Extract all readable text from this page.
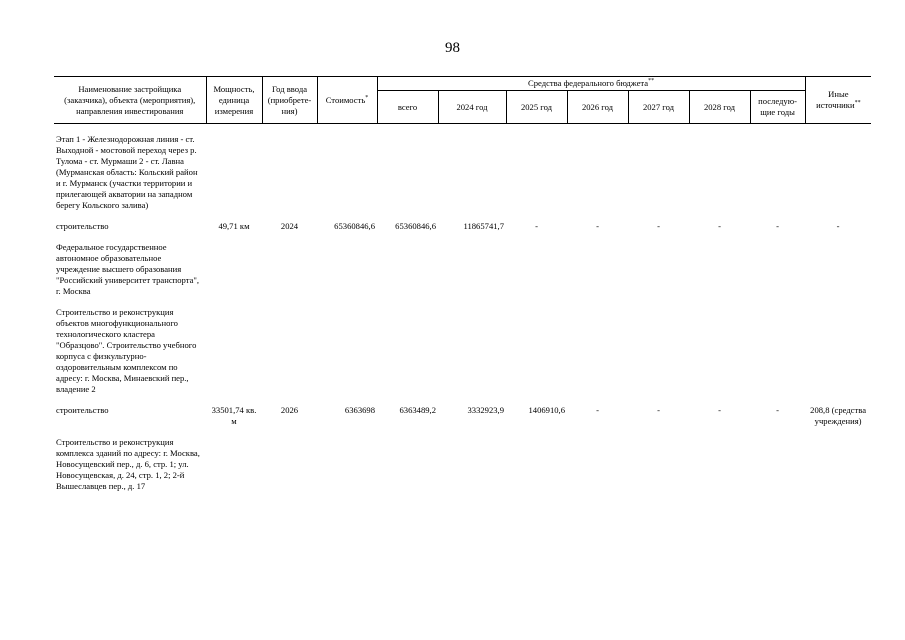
98
Наименование застройщика (заказчика), объекта (мероприятия), направления инвестирования	Мощность, единица измерения	Год ввода (приобрете-ния)	Стоимость*	Средства федерального бюджета**							Иные источники**
				всего	2024 год	2025 год	2026 год	2027 год	2028 год	последую-щие годы	

Этап 1 - Железнодорожная линия - ст. Выходной - мостовой переход через р. Тулома - ст. Мурмаши 2 - ст. Лавна (Мурманская область: Кольский район и г. Мурманск (участки территории и прилегающей акватории на западном берегу Кольского залива)											

строительство	49,71 км	2024	65360846,6	65360846,6	11865741,7	-	-	-	-	-	-

Федеральное государственное автономное образовательное учреждение высшего образования "Российский университет транспорта", г. Москва											

Строительство и реконструкция объектов многофункционального технологического кластера "Образцово". Строительство учебного корпуса с физкультурно-оздоровительным комплексом по адресу: г. Москва, Минаевский пер., владение 2											

строительство	33501,74 кв. м	2026	6363698	6363489,2	3332923,9	1406910,6	-	-	-	-	208,8 (средства учреждения)

Строительство и реконструкция комплекса зданий по адресу: г. Москва, Новосущевский пер., д. 6, стр. 1; ул. Новосущевская, д. 24, стр. 1, 2; 2-й Вышеславцев пер., д. 17											
